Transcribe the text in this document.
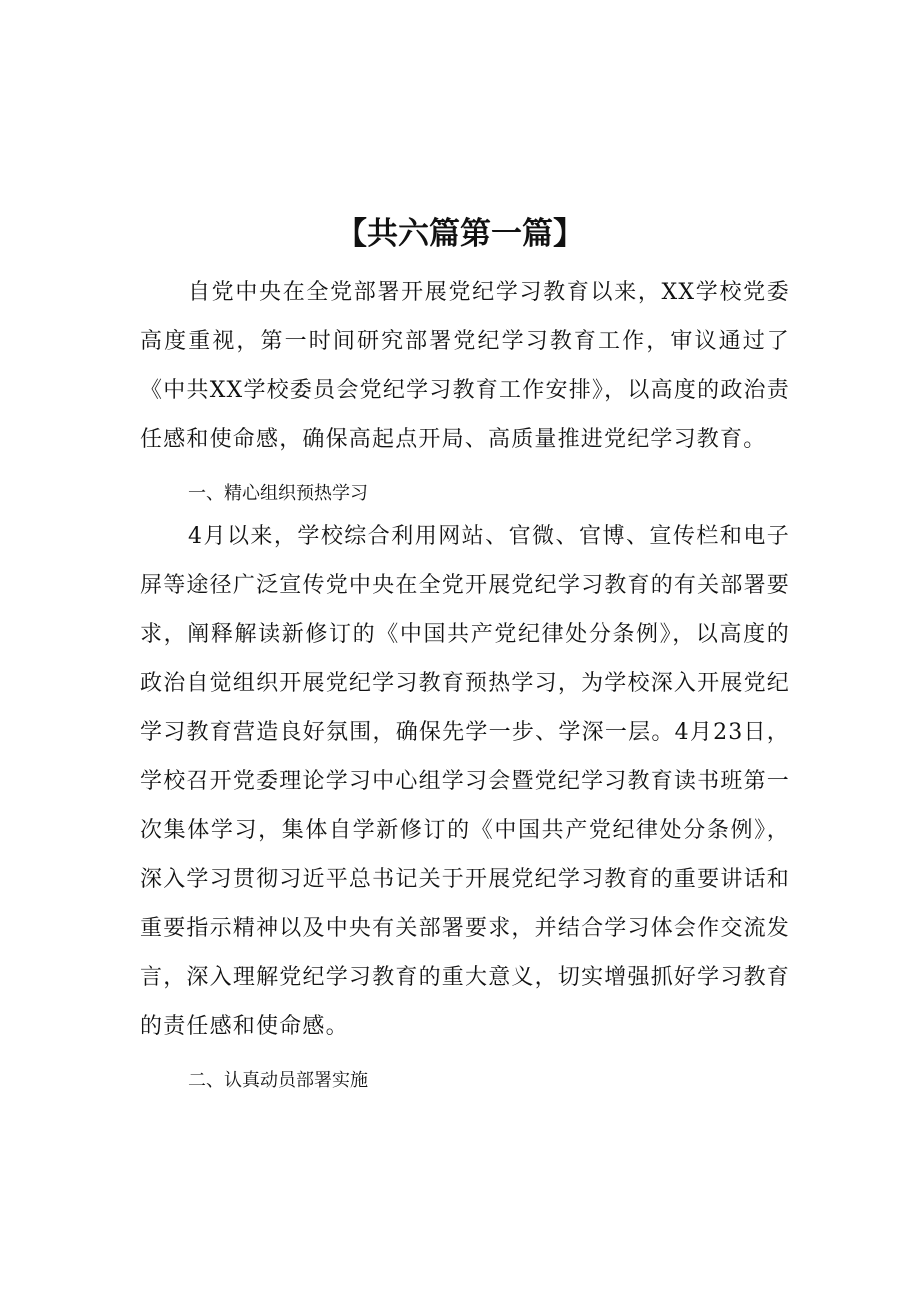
【共六篇第一篇】

自党中央在全党部署开展党纪学习教育以来，XX学校党委高度重视，第一时间研究部署党纪学习教育工作，审议通过了《中共XX学校委员会党纪学习教育工作安排》，以高度的政治责任感和使命感，确保高起点开局、高质量推进党纪学习教育。

一、精心组织预热学习

4月以来，学校综合利用网站、官微、官博、宣传栏和电子屏等途径广泛宣传党中央在全党开展党纪学习教育的有关部署要求，阐释解读新修订的《中国共产党纪律处分条例》，以高度的政治自觉组织开展党纪学习教育预热学习，为学校深入开展党纪学习教育营造良好氛围，确保先学一步、学深一层。4月23日，学校召开党委理论学习中心组学习会暨党纪学习教育读书班第一次集体学习，集体自学新修订的《中国共产党纪律处分条例》，深入学习贯彻习近平总书记关于开展党纪学习教育的重要讲话和重要指示精神以及中央有关部署要求，并结合学习体会作交流发言，深入理解党纪学习教育的重大意义，切实增强抓好学习教育的责任感和使命感。

二、认真动员部署实施
